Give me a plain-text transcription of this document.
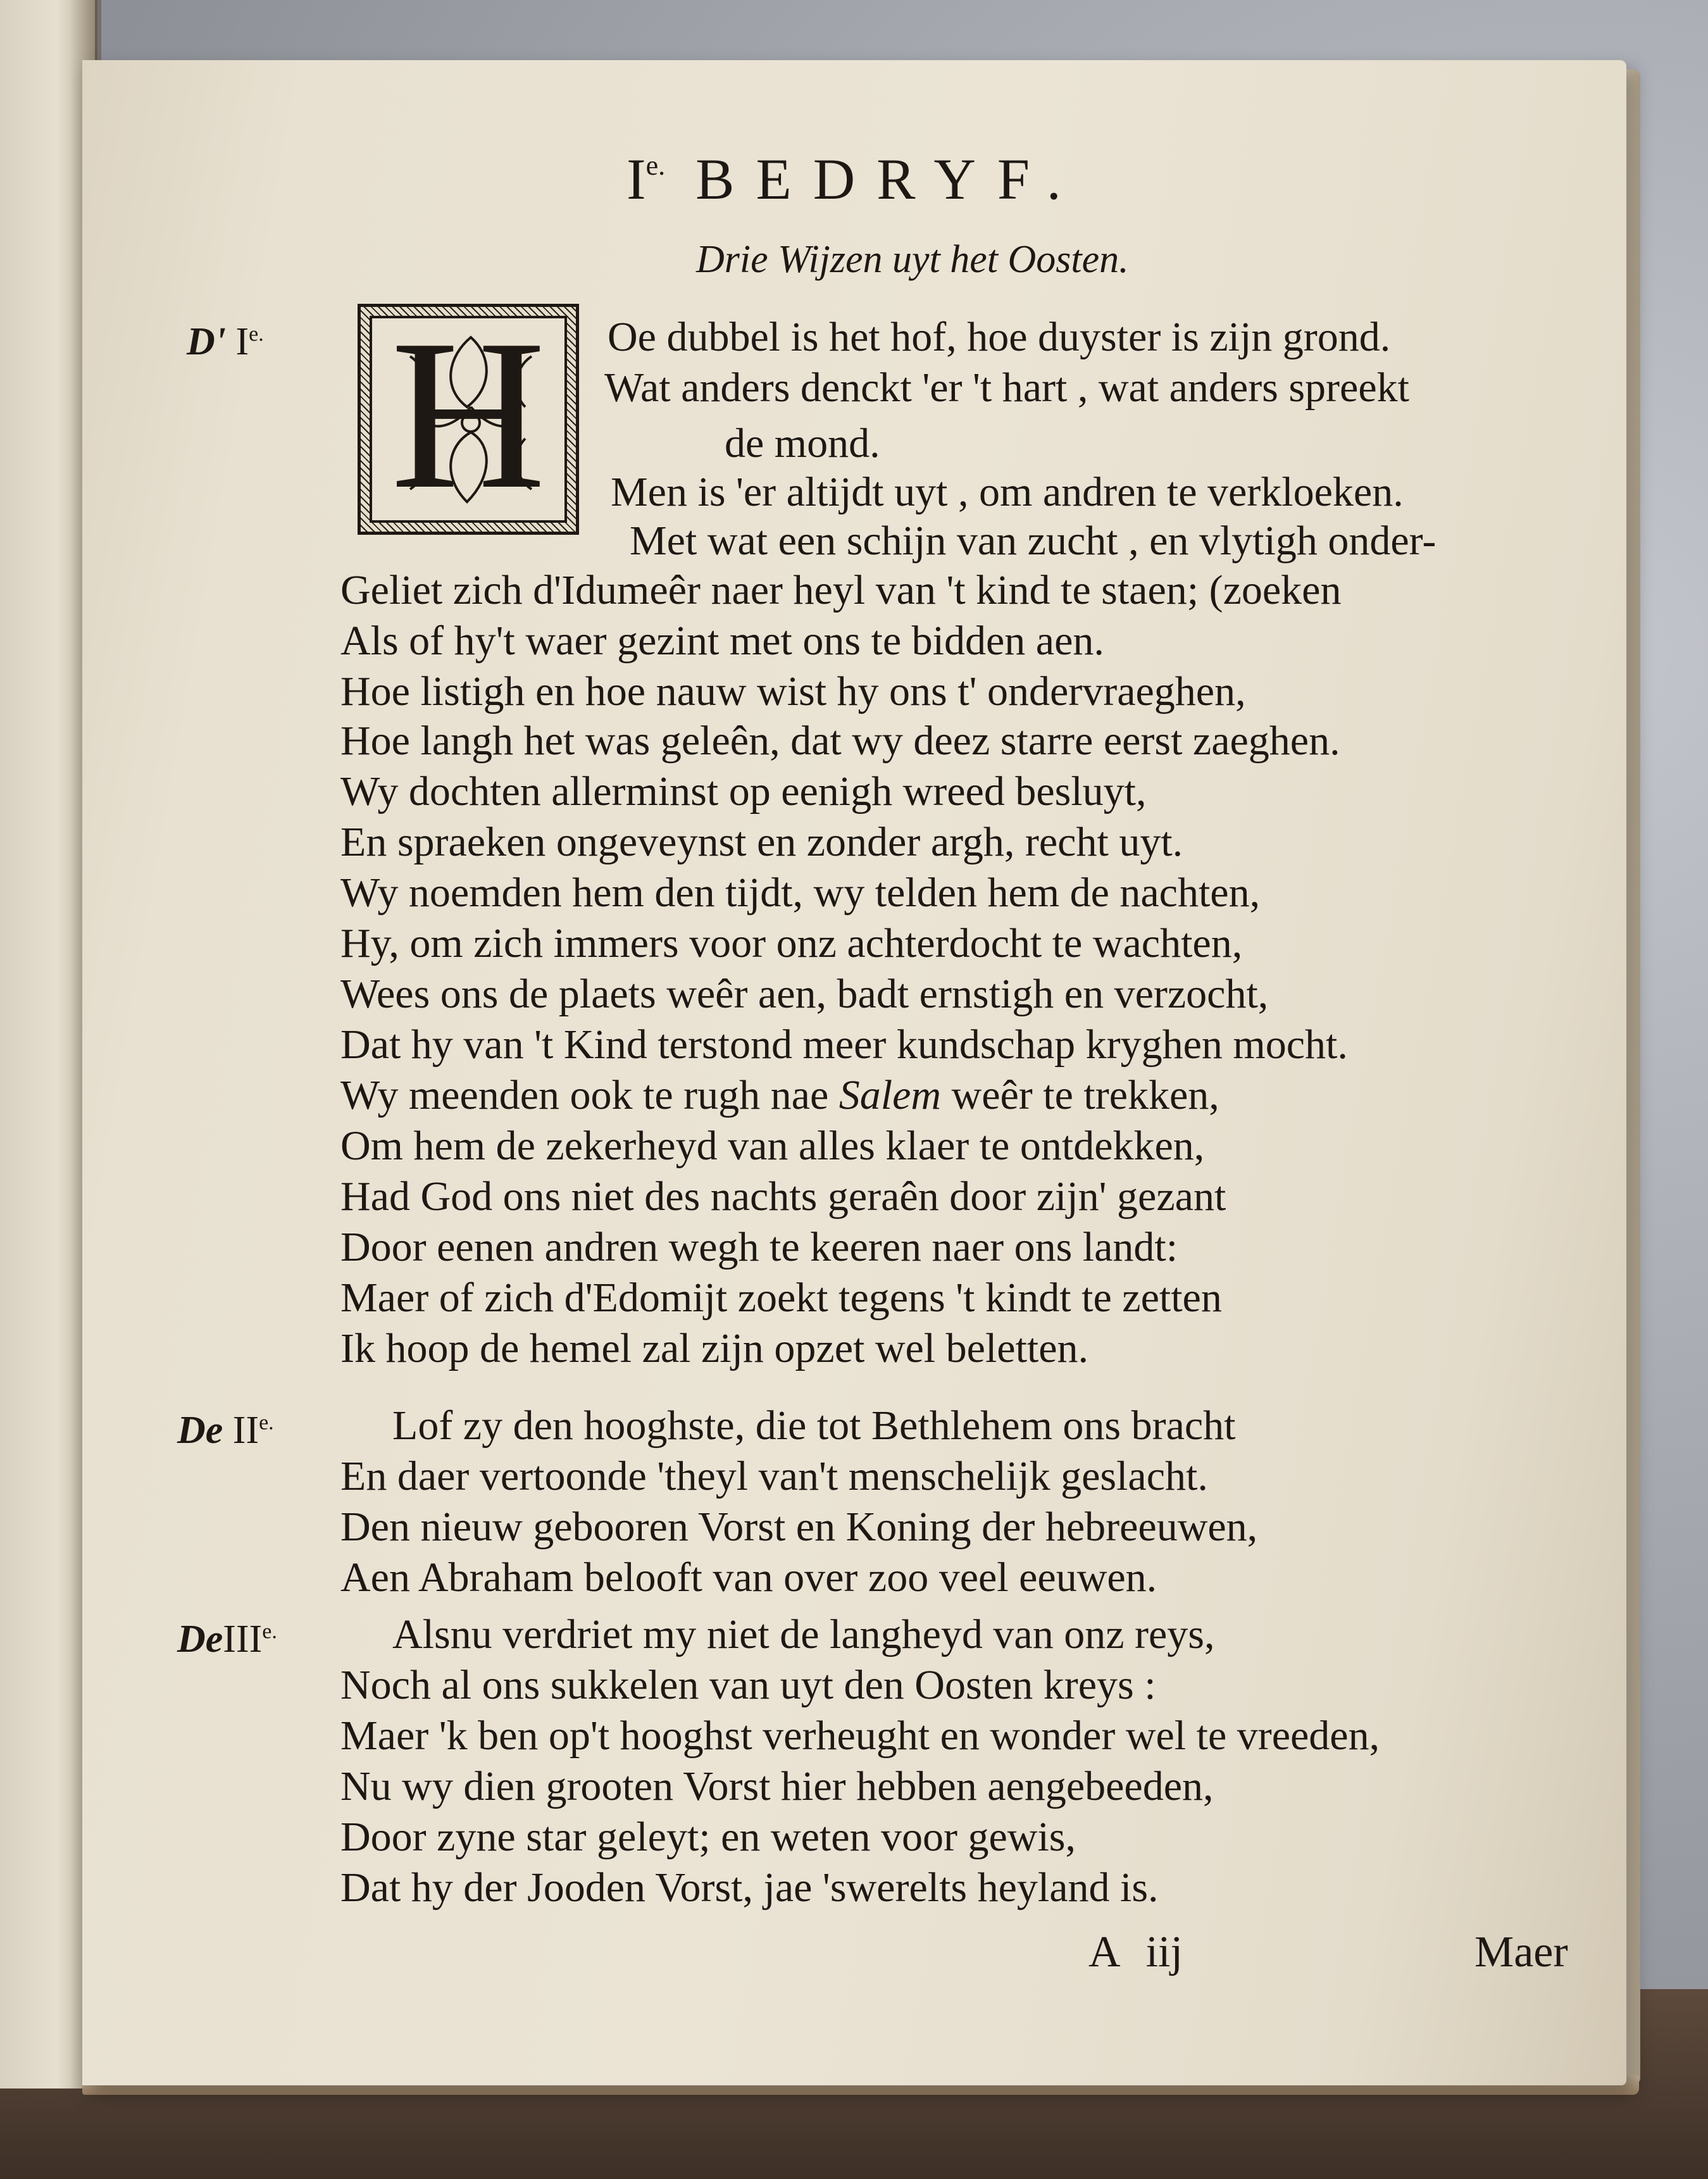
$I^{e.}$ BEDRYF.
Drie Wijzen uyt het Oosten.
D' $I^{e.}$
De $II^{e.}$
DeIII$^{e.}$
H	Oe dubbel is het hof, hoe duyster is zijn grond.
Wat anders denckt 'er 't hart , wat anders spreekt
de mond.
Men is 'er altijdt uyt , om andren te verkloeken.
Met wat een schijn van zucht , en vlytigh onder-
Geliet zich d'Idumeêr naer heyl van 't kind te staen; (zoeken
Als of hy't waer gezint met ons te bidden aen.
Hoe listigh en hoe nauw wist hy ons t' ondervraeghen,
Hoe langh het was geleên, dat wy deez starre eerst zaeghen.
Wy dochten allerminst op eenigh wreed besluyt,
En spraeken ongeveynst en zonder argh, recht uyt.
Wy noemden hem den tijdt, wy telden hem de nachten,
Hy, om zich immers voor onz achterdocht te wachten,
Wees ons de plaets weêr aen, badt ernstigh en verzocht,
Dat hy van 't Kind terstond meer kundschap kryghen mocht.
Wy meenden ook te rugh nae Salem weêr te trekken,
Om hem de zekerheyd van alles klaer te ontdekken,
Had God ons niet des nachts geraên door zijn' gezant
Door eenen andren wegh te keeren naer ons landt:
Maer of zich d'Edomijt zoekt tegens 't kindt te zetten
Ik hoop de hemel zal zijn opzet wel beletten.
Lof zy den hooghste, die tot Bethlehem ons bracht
En daer vertoonde 'theyl van't menschelijk geslacht.
Den nieuw gebooren Vorst en Koning der hebreeuwen,
Aen Abraham belooft van over zoo veel eeuwen.
Alsnu verdriet my niet de langheyd van onz reys,
Noch al ons sukkelen van uyt den Oosten kreys :
Maer 'k ben op't hooghst verheught en wonder wel te vreeden,
Nu wy dien grooten Vorst hier hebben aengebeeden,
Door zyne star geleyt; en weten voor gewis,
Dat hy der Jooden Vorst, jae 'swerelts heyland is.
A iij	Maer
